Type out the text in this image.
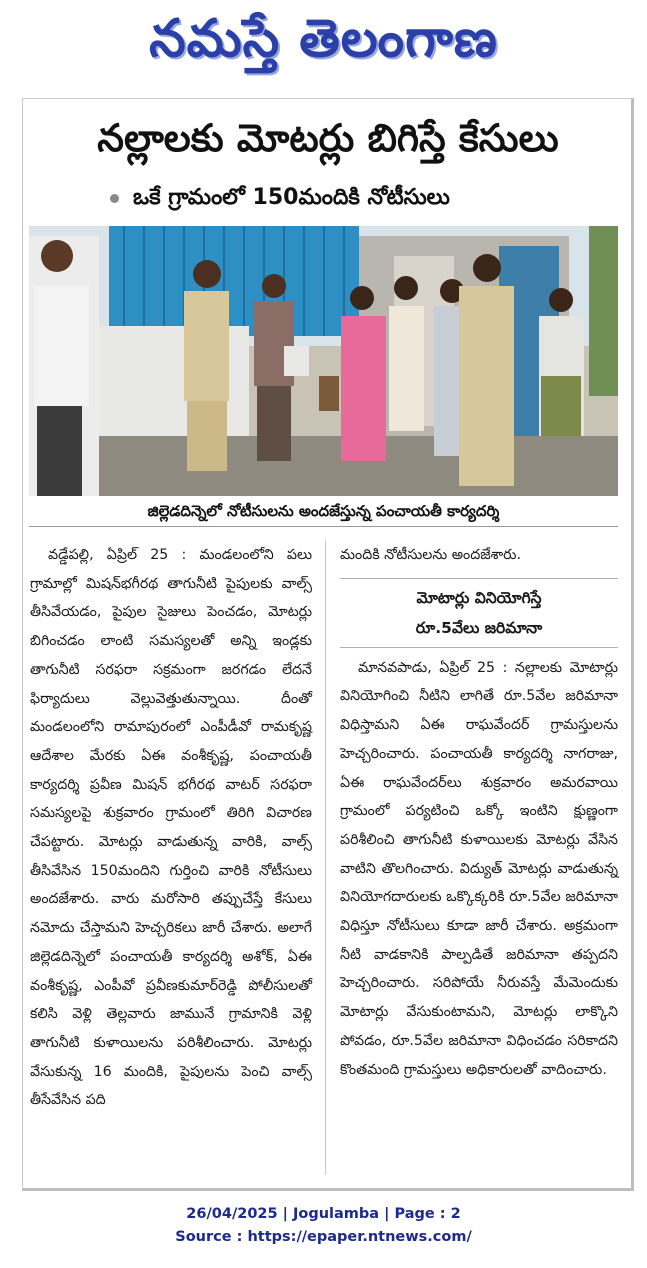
నమస్తే తెలంగాణ
నల్లాలకు మోటర్లు బిగిస్తే కేసులు
ఒకే గ్రామంలో 150మందికి నోటీసులు
జిల్లెడదిన్నెలో నోటీసులను అందజేస్తున్న పంచాయతీ కార్యదర్శి

వడ్డేపల్లి, ఏప్రిల్ 25 : మండలంలోని పలు గ్రామాల్లో మిషన్‌భగీరథ తాగునీటి పైపులకు వాల్స్ తీసివేయడం, పైపుల సైజులు పెంచడం, మోటర్లు బిగించడం లాంటి సమస్యలతో అన్ని ఇండ్లకు తాగునీటి సరఫరా సక్రమంగా జరగడం లేదనే ఫిర్యాదులు వెల్లువెత్తుతున్నాయి. దీంతో మండలంలోని రామాపురంలో ఎంపీడీవో రామకృష్ణ ఆదేశాల మేరకు ఏఈ వంశీకృష్ణ, పంచాయతీ కార్యదర్శి ప్రవీణ మిషన్ భగీరథ వాటర్ సరఫరా సమస్యలపై శుక్రవారం గ్రామంలో తిరిగి విచారణ చేపట్టారు. మోటర్లు వాడుతున్న వారికి, వాల్స్ తీసివేసిన 150మందిని గుర్తించి వారికి నోటీసులు అందజేశారు. వారు మరోసారి తప్పుచేస్తే కేసులు నమోదు చేస్తామని హెచ్చరికలు జారీ చేశారు. అలాగే జిల్లెడదిన్నెలో పంచాయతీ కార్యదర్శి అశోక్, ఏఈ వంశీకృష్ణ, ఎంపీవో ప్రవీణకుమార్‌రెడ్డి పోలీసులతో కలిసి వెళ్లి తెల్లవారు జామునే గ్రామానికి వెళ్లి తాగునీటి కుళాయిలను పరిశీలించారు. మోటర్లు వేసుకున్న 16 మందికి, పైపులను పెంచి వాల్స్ తీసేవేసిన పది

మందికి నోటీసులను అందజేశారు.

మోటార్లు వినియోగిస్తే
రూ.5వేలు జరిమానా

మానవపాడు, ఏప్రిల్ 25 : నల్లాలకు మోటార్లు వినియోగించి నీటిని లాగితే రూ.5వేల జరిమానా విధిస్తామని ఏఈ రాఘవేందర్ గ్రామస్తులను హెచ్చరించారు. పంచాయతీ కార్యదర్శి నాగరాజు, ఏఈ రాఘవేందర్‌లు శుక్రవారం అమరవాయి గ్రామంలో పర్యటించి ఒక్కో ఇంటిని క్షుణ్ణంగా పరిశీలించి తాగునీటి కుళాయిలకు మోటర్లు వేసిన వాటిని తొలగించారు. విద్యుత్ మోటర్లు వాడుతున్న వినియోగదారులకు ఒక్కొక్కరికి రూ.5వేల జరిమానా విధిస్తూ నోటీసులు కూడా జారీ చేశారు. అక్రమంగా నీటి వాడకానికి పాల్పడితే జరిమానా తప్పదని హెచ్చరించారు. సరిపోయే నీరువస్తే మేమెందుకు మోటార్లు వేసుకుంటామని, మోటర్లు లాక్కొని పోవడం, రూ.5వేల జరిమానా విధించడం సరికాదని కొంతమంది గ్రామస్తులు అధికారులతో వాదించారు.

26/04/2025 | Jogulamba | Page : 2
Source : https://epaper.ntnews.com/
